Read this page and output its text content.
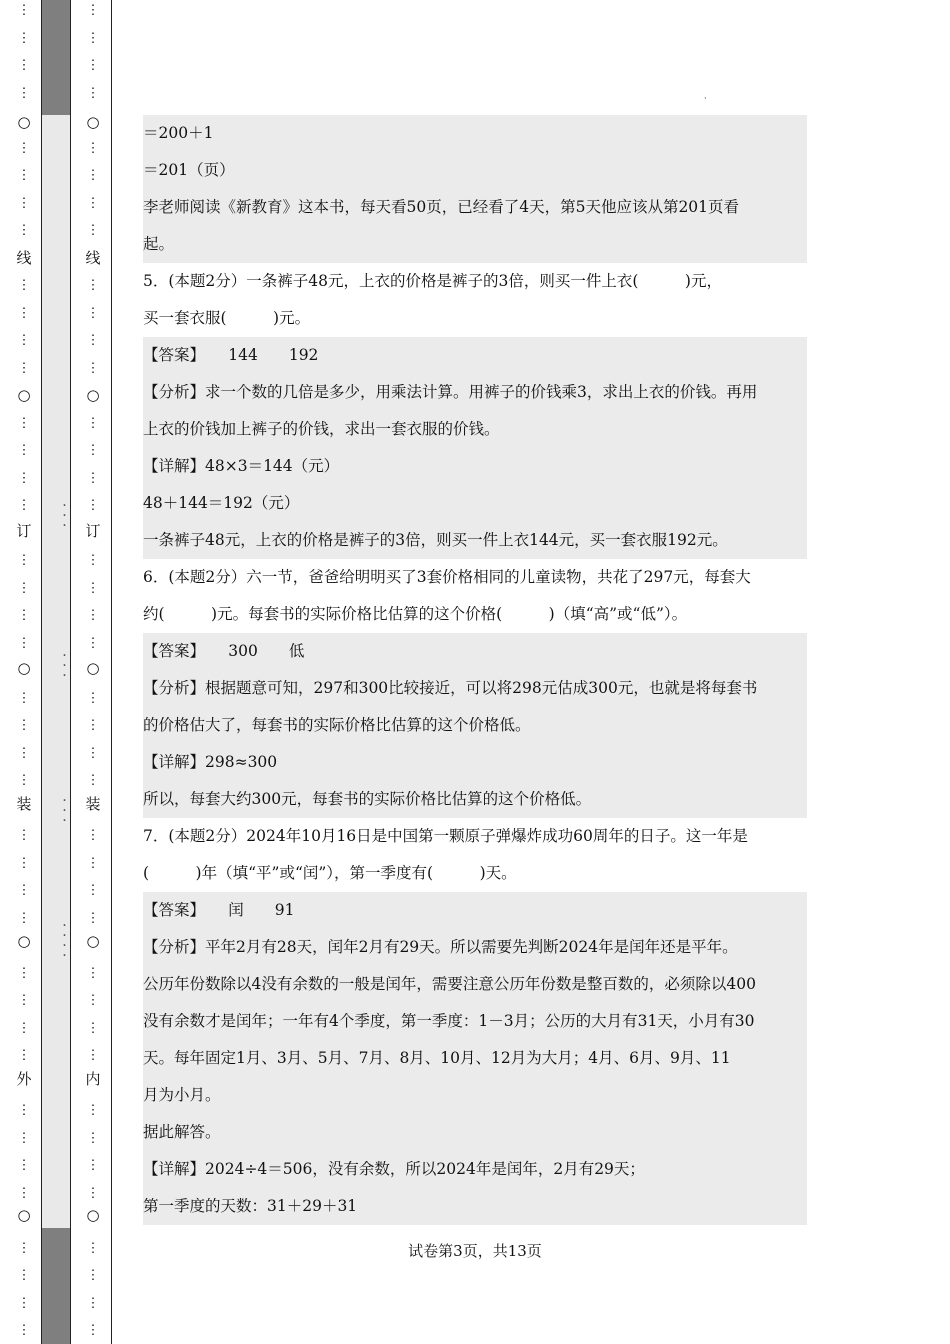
・・・
・・・
・・・
・・・・
○
○
○
○
○
线
订
装
外
⋮
⋮
⋮
⋮
⋮
⋮
⋮
⋮
⋮
⋮
⋮
⋮
⋮
⋮
⋮
⋮
⋮
⋮
⋮
⋮
⋮
⋮
⋮
⋮
⋮
⋮
⋮
⋮
⋮
⋮
⋮
⋮
⋮
⋮
⋮
⋮
⋮
⋮
⋮
⋮
○
○
○
○
○
线
订
装
内
⋮
⋮
⋮
⋮
⋮
⋮
⋮
⋮
⋮
⋮
⋮
⋮
⋮
⋮
⋮
⋮
⋮
⋮
⋮
⋮
⋮
⋮
⋮
⋮
⋮
⋮
⋮
⋮
⋮
⋮
⋮
⋮
⋮
⋮
⋮
⋮
⋮
⋮
⋮
⋮
·
＝200＋1
＝201（页）
李老师阅读《新教育》这本书，每天看50页，已经看了4天，第5天他应该从第201页看
起。
5．(本题2分）一条裤子48元，上衣的价格是裤子的3倍，则买一件上衣(　　　)元，
买一套衣服(　　　)元。
【答案】　　144　　192
【分析】求一个数的几倍是多少，用乘法计算。用裤子的价钱乘3，求出上衣的价钱。再用
上衣的价钱加上裤子的价钱，求出一套衣服的价钱。
【详解】48×3＝144（元）
48＋144＝192（元）
一条裤子48元，上衣的价格是裤子的3倍，则买一件上衣144元，买一套衣服192元。
6．(本题2分）六一节，爸爸给明明买了3套价格相同的儿童读物，共花了297元，每套大
约(　　　)元。每套书的实际价格比估算的这个价格(　　　)（填“高”或“低”）。
【答案】　　300　　低
【分析】根据题意可知，297和300比较接近，可以将298元估成300元，也就是将每套书
的价格估大了，每套书的实际价格比估算的这个价格低。
【详解】298≈300
所以，每套大约300元，每套书的实际价格比估算的这个价格低。
7．(本题2分）2024年10月16日是中国第一颗原子弹爆炸成功60周年的日子。这一年是
(　　　)年（填“平”或“闰”），第一季度有(　　　)天。
【答案】　　闰　　91
【分析】平年2月有28天，闰年2月有29天。所以需要先判断2024年是闰年还是平年。
公历年份数除以4没有余数的一般是闰年，需要注意公历年份数是整百数的，必须除以400
没有余数才是闰年；一年有4个季度，第一季度：1－3月；公历的大月有31天，小月有30
天。每年固定1月、3月、5月、7月、8月、10月、12月为大月；4月、6月、9月、11
月为小月。
据此解答。
【详解】2024÷4＝506，没有余数，所以2024年是闰年，2月有29天；
第一季度的天数：31＋29＋31
试卷第3页，共13页
